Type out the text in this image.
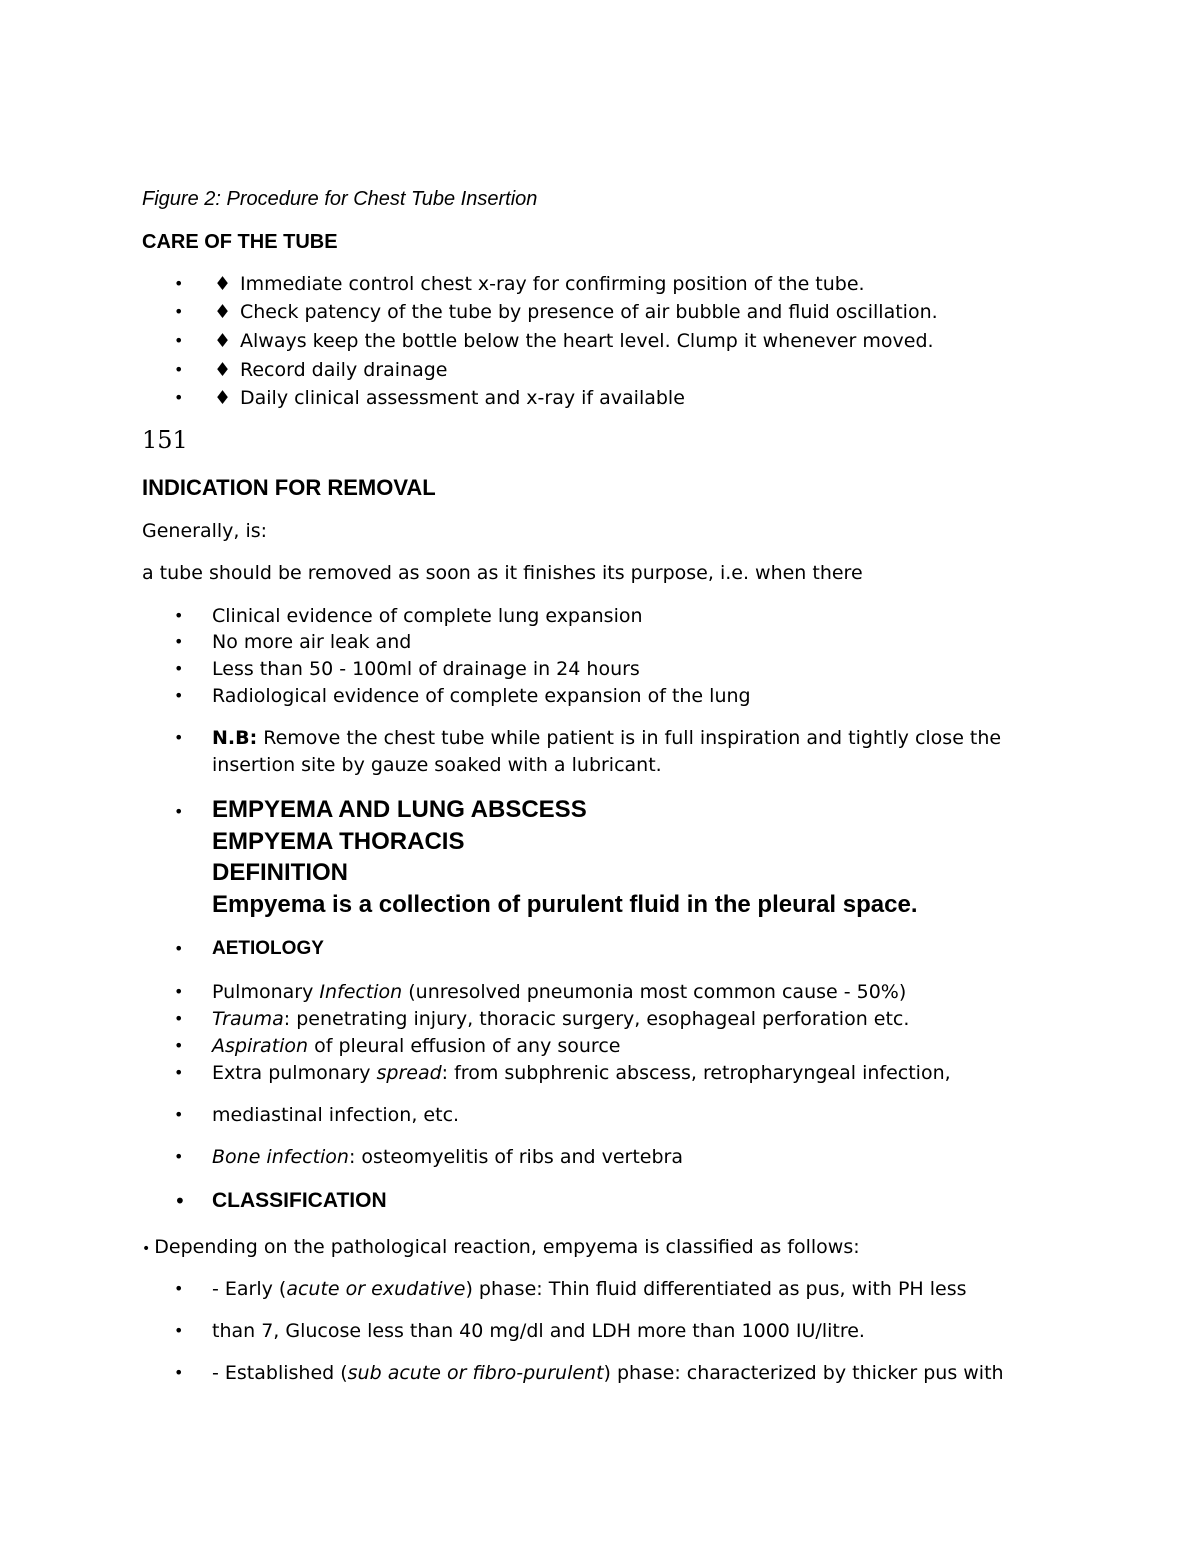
Figure 2: Procedure for Chest Tube Insertion
CARE OF THE TUBE
• ♦ Immediate control chest x-ray for confirming position of the tube.
• ♦ Check patency of the tube by presence of air bubble and fluid oscillation.
• ♦ Always keep the bottle below the heart level. Clump it whenever moved.
• ♦ Record daily drainage
• ♦ Daily clinical assessment and x-ray if available
151
INDICATION FOR REMOVAL
Generally, is:
a tube should be removed as soon as it finishes its purpose, i.e. when there
• Clinical evidence of complete lung expansion
• No more air leak and
• Less than 50 - 100ml of drainage in 24 hours
• Radiological evidence of complete expansion of the lung
• N.B: Remove the chest tube while patient is in full inspiration and tightly close the
insertion site by gauze soaked with a lubricant.
• EMPYEMA AND LUNG ABSCESS
EMPYEMA THORACIS
DEFINITION
Empyema is a collection of purulent fluid in the pleural space.
• AETIOLOGY
• Pulmonary Infection (unresolved pneumonia most common cause - 50%)
• Trauma: penetrating injury, thoracic surgery, esophageal perforation etc.
• Aspiration of pleural effusion of any source
• Extra pulmonary spread: from subphrenic abscess, retropharyngeal infection,
• mediastinal infection, etc.
• Bone infection: osteomyelitis of ribs and vertebra
• CLASSIFICATION
• Depending on the pathological reaction, empyema is classified as follows:
• - Early (acute or exudative) phase: Thin fluid differentiated as pus, with PH less
• than 7, Glucose less than 40 mg/dl and LDH more than 1000 IU/litre.
• - Established (sub acute or fibro-purulent) phase: characterized by thicker pus with
